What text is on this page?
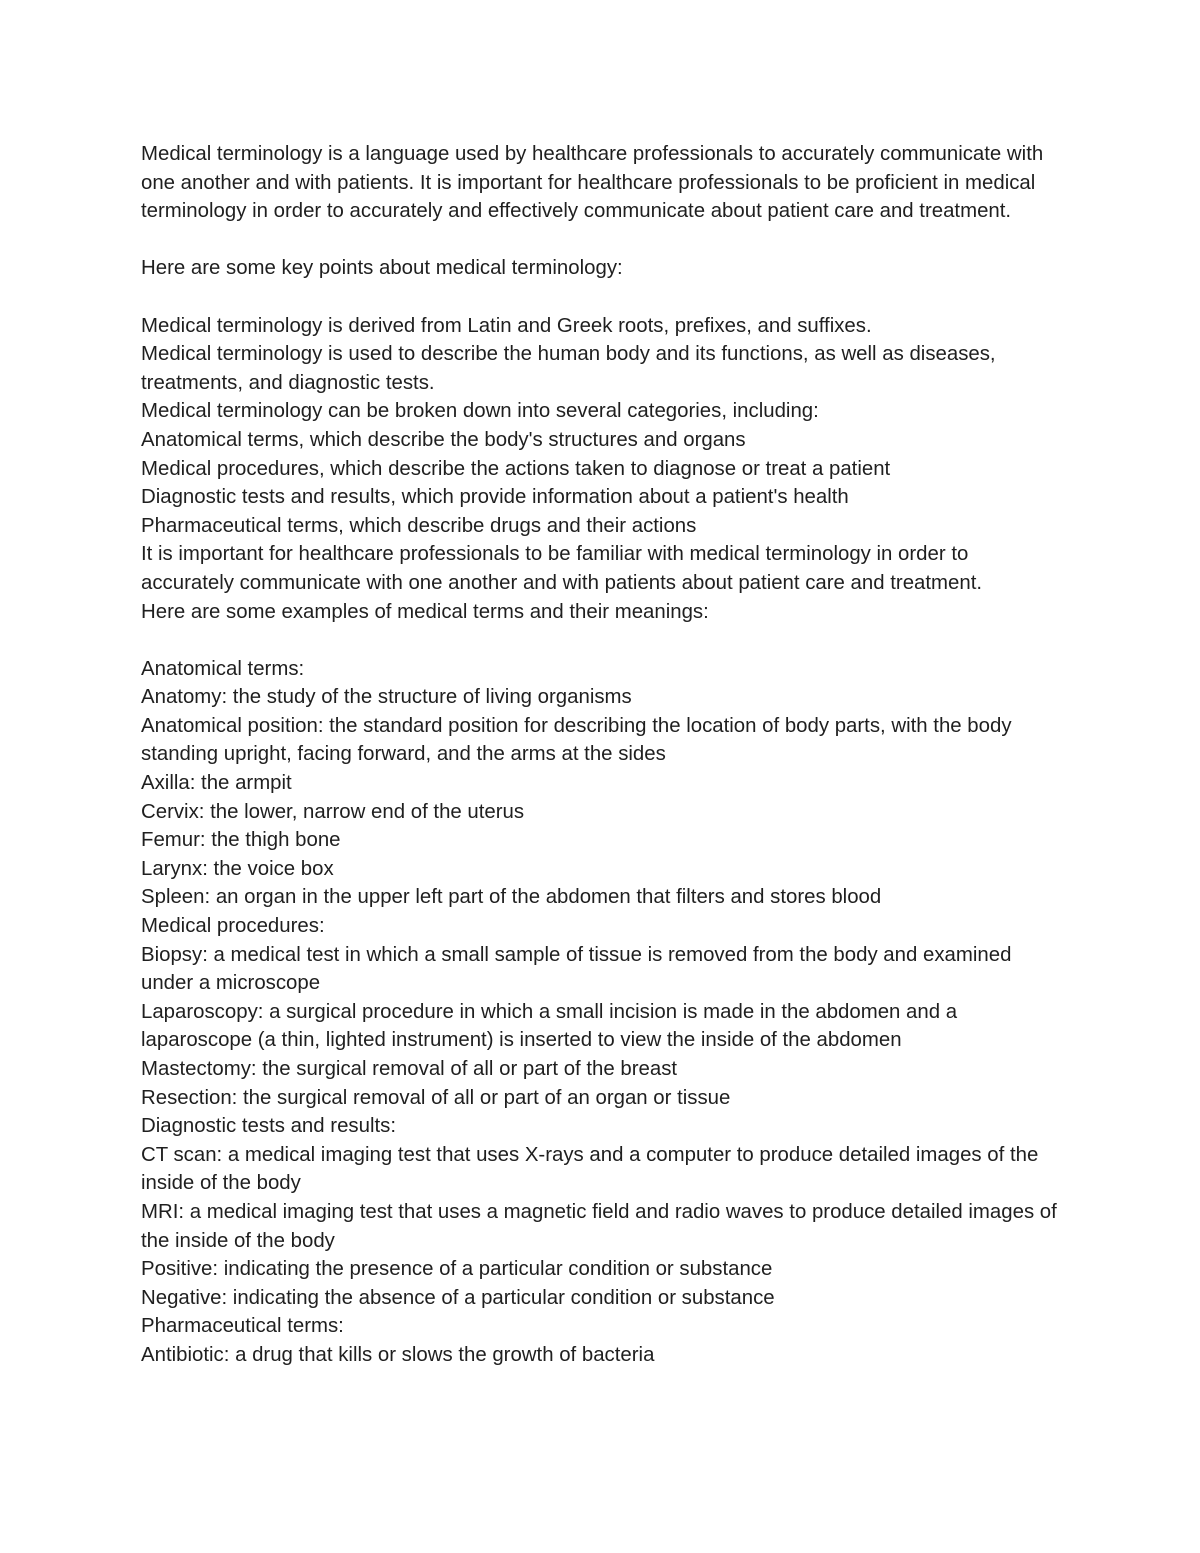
Medical terminology is a language used by healthcare professionals to accurately communicate with one another and with patients. It is important for healthcare professionals to be proficient in medical terminology in order to accurately and effectively communicate about patient care and treatment.

Here are some key points about medical terminology:

Medical terminology is derived from Latin and Greek roots, prefixes, and suffixes.

Medical terminology is used to describe the human body and its functions, as well as diseases, treatments, and diagnostic tests.

Medical terminology can be broken down into several categories, including:

Anatomical terms, which describe the body's structures and organs

Medical procedures, which describe the actions taken to diagnose or treat a patient

Diagnostic tests and results, which provide information about a patient's health

Pharmaceutical terms, which describe drugs and their actions

It is important for healthcare professionals to be familiar with medical terminology in order to accurately communicate with one another and with patients about patient care and treatment.

Here are some examples of medical terms and their meanings:

Anatomical terms:

Anatomy: the study of the structure of living organisms

Anatomical position: the standard position for describing the location of body parts, with the body standing upright, facing forward, and the arms at the sides

Axilla: the armpit

Cervix: the lower, narrow end of the uterus

Femur: the thigh bone

Larynx: the voice box

Spleen: an organ in the upper left part of the abdomen that filters and stores blood

Medical procedures:

Biopsy: a medical test in which a small sample of tissue is removed from the body and examined under a microscope

Laparoscopy: a surgical procedure in which a small incision is made in the abdomen and a laparoscope (a thin, lighted instrument) is inserted to view the inside of the abdomen

Mastectomy: the surgical removal of all or part of the breast

Resection: the surgical removal of all or part of an organ or tissue

Diagnostic tests and results:

CT scan: a medical imaging test that uses X-rays and a computer to produce detailed images of the inside of the body

MRI: a medical imaging test that uses a magnetic field and radio waves to produce detailed images of the inside of the body

Positive: indicating the presence of a particular condition or substance

Negative: indicating the absence of a particular condition or substance

Pharmaceutical terms:

Antibiotic: a drug that kills or slows the growth of bacteria
